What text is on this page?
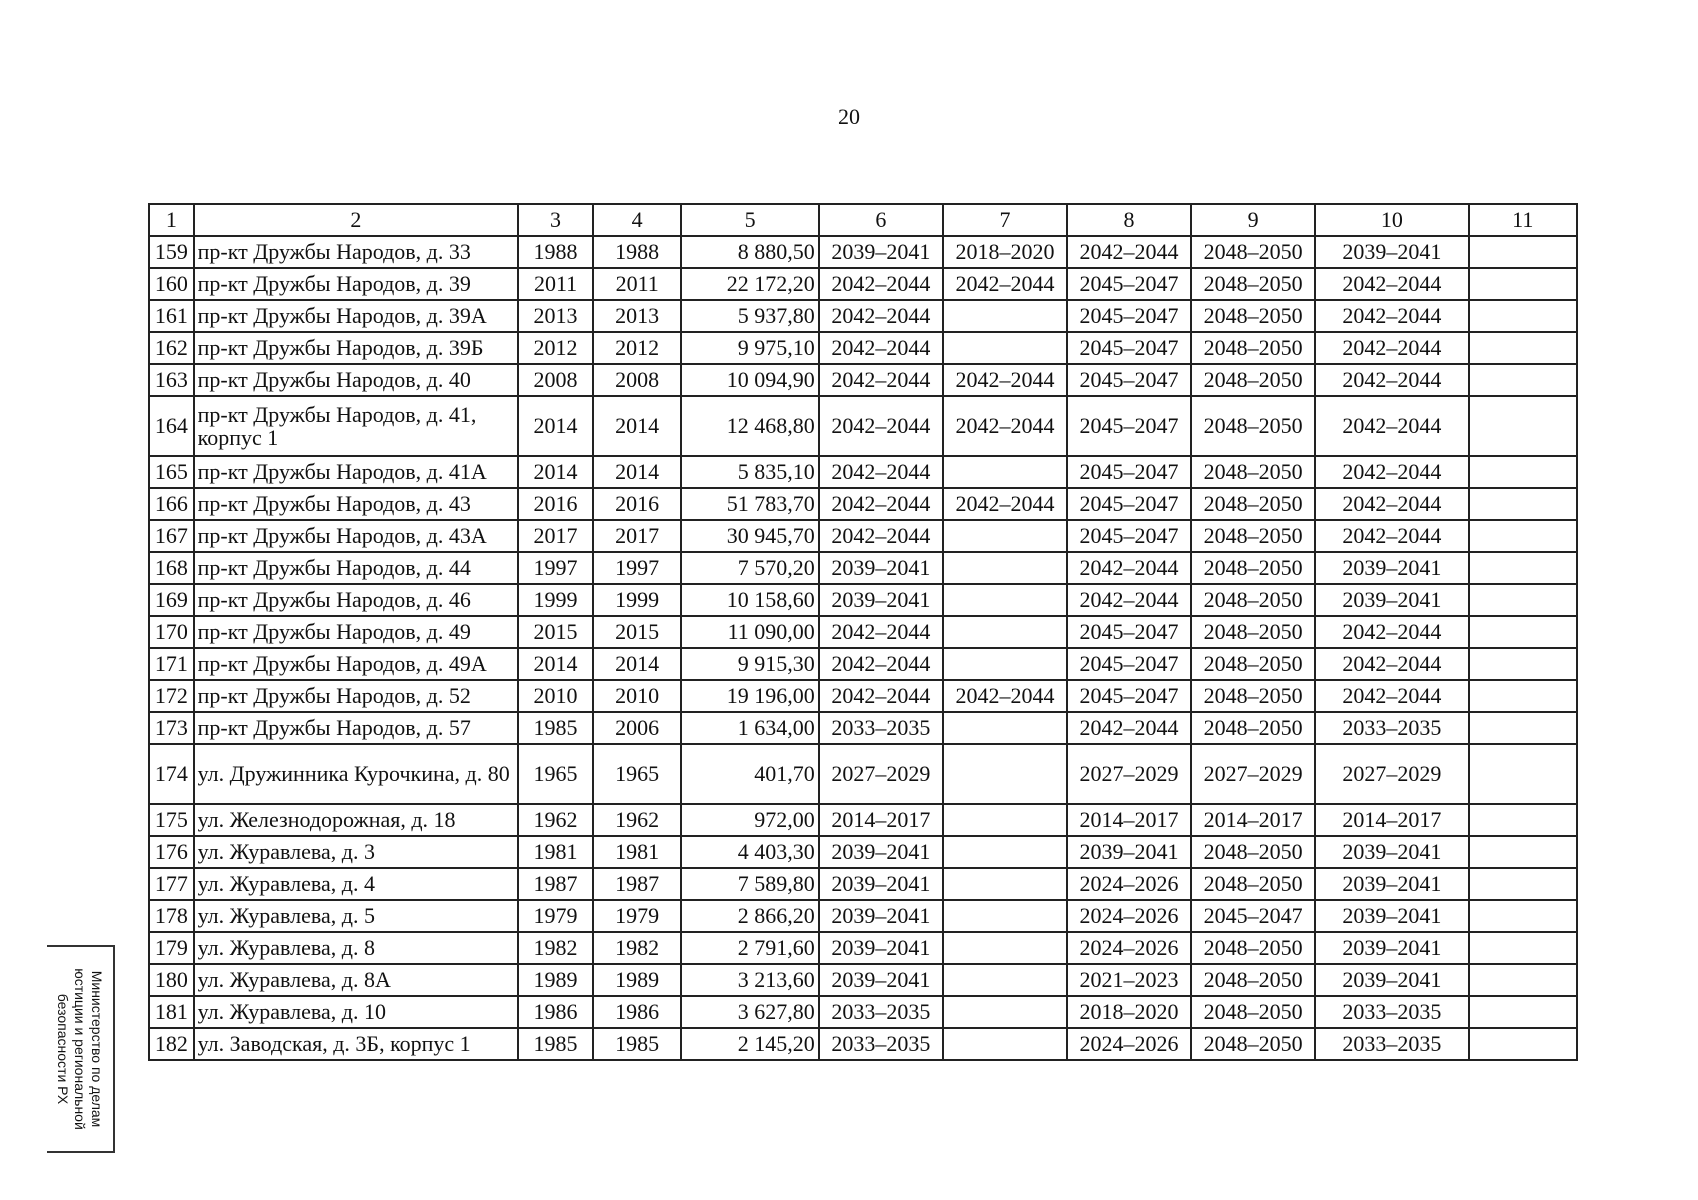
20
1	2	3	4	5	6	7	8	9	10	11
159	пр-кт Дружбы Народов, д. 33	1988	1988	8 880,50	2039–2041	2018–2020	2042–2044	2048–2050	2039–2041	
160	пр-кт Дружбы Народов, д. 39	2011	2011	22 172,20	2042–2044	2042–2044	2045–2047	2048–2050	2042–2044	
161	пр-кт Дружбы Народов, д. 39А	2013	2013	5 937,80	2042–2044		2045–2047	2048–2050	2042–2044	
162	пр-кт Дружбы Народов, д. 39Б	2012	2012	9 975,10	2042–2044		2045–2047	2048–2050	2042–2044	
163	пр-кт Дружбы Народов, д. 40	2008	2008	10 094,90	2042–2044	2042–2044	2045–2047	2048–2050	2042–2044	
164	пр-кт Дружбы Народов, д. 41, корпус 1	2014	2014	12 468,80	2042–2044	2042–2044	2045–2047	2048–2050	2042–2044	
165	пр-кт Дружбы Народов, д. 41А	2014	2014	5 835,10	2042–2044		2045–2047	2048–2050	2042–2044	
166	пр-кт Дружбы Народов, д. 43	2016	2016	51 783,70	2042–2044	2042–2044	2045–2047	2048–2050	2042–2044	
167	пр-кт Дружбы Народов, д. 43А	2017	2017	30 945,70	2042–2044		2045–2047	2048–2050	2042–2044	
168	пр-кт Дружбы Народов, д. 44	1997	1997	7 570,20	2039–2041		2042–2044	2048–2050	2039–2041	
169	пр-кт Дружбы Народов, д. 46	1999	1999	10 158,60	2039–2041		2042–2044	2048–2050	2039–2041	
170	пр-кт Дружбы Народов, д. 49	2015	2015	11 090,00	2042–2044		2045–2047	2048–2050	2042–2044	
171	пр-кт Дружбы Народов, д. 49А	2014	2014	9 915,30	2042–2044		2045–2047	2048–2050	2042–2044	
172	пр-кт Дружбы Народов, д. 52	2010	2010	19 196,00	2042–2044	2042–2044	2045–2047	2048–2050	2042–2044	
173	пр-кт Дружбы Народов, д. 57	1985	2006	1 634,00	2033–2035		2042–2044	2048–2050	2033–2035	
174	ул. Дружинника Курочкина, д. 80	1965	1965	401,70	2027–2029		2027–2029	2027–2029	2027–2029	
175	ул. Железнодорожная, д. 18	1962	1962	972,00	2014–2017		2014–2017	2014–2017	2014–2017	
176	ул. Журавлева, д. 3	1981	1981	4 403,30	2039–2041		2039–2041	2048–2050	2039–2041	
177	ул. Журавлева, д. 4	1987	1987	7 589,80	2039–2041		2024–2026	2048–2050	2039–2041	
178	ул. Журавлева, д. 5	1979	1979	2 866,20	2039–2041		2024–2026	2045–2047	2039–2041	
179	ул. Журавлева, д. 8	1982	1982	2 791,60	2039–2041		2024–2026	2048–2050	2039–2041	
180	ул. Журавлева, д. 8А	1989	1989	3 213,60	2039–2041		2021–2023	2048–2050	2039–2041	
181	ул. Журавлева, д. 10	1986	1986	3 627,80	2033–2035		2018–2020	2048–2050	2033–2035	
182	ул. Заводская, д. 3Б, корпус 1	1985	1985	2 145,20	2033–2035		2024–2026	2048–2050	2033–2035	
Министерство по делам
юстиции и региональной
безопасности РХ
